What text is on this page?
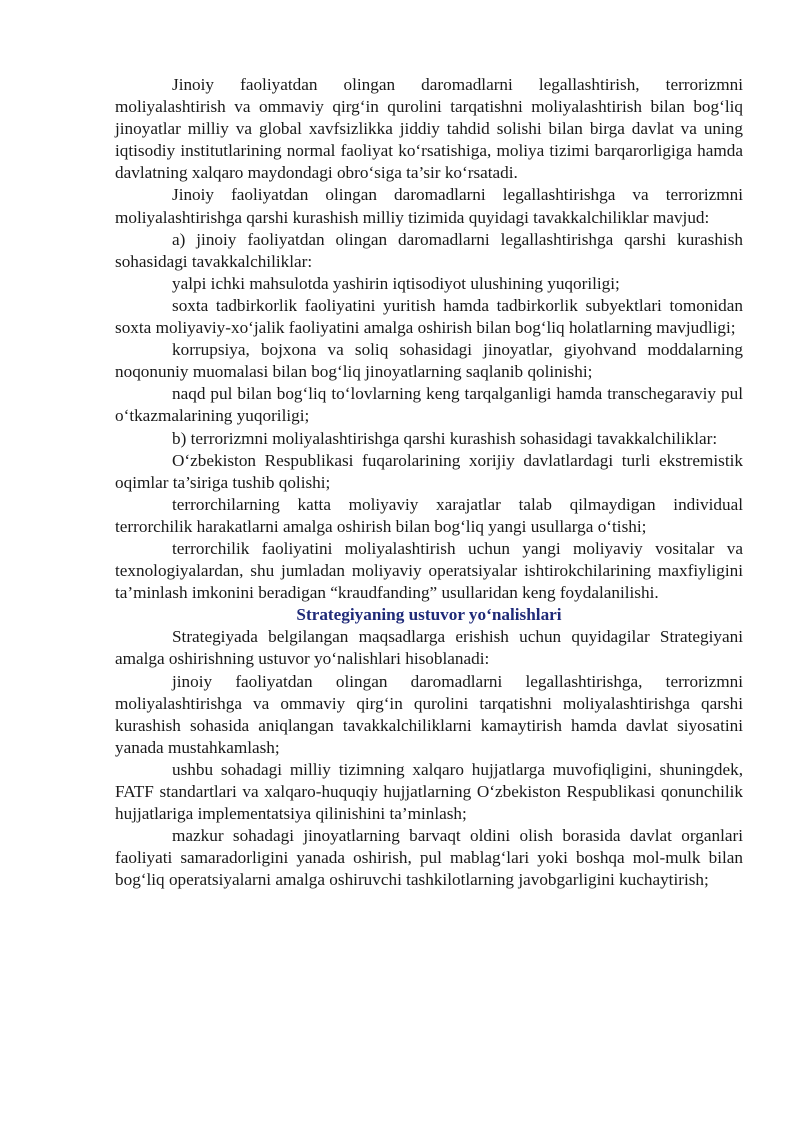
Jinoiy faoliyatdan olingan daromadlarni legallashtirish, terrorizmni moliyalashtirish va ommaviy qirg‘in qurolini tarqatishni moliyalashtirish bilan bog‘liq jinoyatlar milliy va global xavfsizlikka jiddiy tahdid solishi bilan birga davlat va uning iqtisodiy institutlarining normal faoliyat ko‘rsatishiga, moliya tizimi barqarorligiga hamda davlatning xalqaro maydondagi obro‘siga ta’sir ko‘rsatadi.

Jinoiy faoliyatdan olingan daromadlarni legallashtirishga va terrorizmni moliyalashtirishga qarshi kurashish milliy tizimida quyidagi tavakkalchiliklar mavjud:

a) jinoiy faoliyatdan olingan daromadlarni legallashtirishga qarshi kurashish sohasidagi tavakkalchiliklar:

yalpi ichki mahsulotda yashirin iqtisodiyot ulushining yuqoriligi;

soxta tadbirkorlik faoliyatini yuritish hamda tadbirkorlik subyektlari tomonidan soxta moliyaviy-xo‘jalik faoliyatini amalga oshirish bilan bog‘liq holatlarning mavjudligi;

korrupsiya, bojxona va soliq sohasidagi jinoyatlar, giyohvand moddalarning noqonuniy muomalasi bilan bog‘liq jinoyatlarning saqlanib qolinishi;

naqd pul bilan bog‘liq to‘lovlarning keng tarqalganligi hamda transchegaraviy pul o‘tkazmalarining yuqoriligi;

b) terrorizmni moliyalashtirishga qarshi kurashish sohasidagi tavakkalchiliklar:

O‘zbekiston Respublikasi fuqarolarining xorijiy davlatlardagi turli ekstremistik oqimlar ta’siriga tushib qolishi;

terrorchilarning katta moliyaviy xarajatlar talab qilmaydigan individual terrorchilik harakatlarni amalga oshirish bilan bog‘liq yangi usullarga o‘tishi;

terrorchilik faoliyatini moliyalashtirish uchun yangi moliyaviy vositalar va texnologiyalardan, shu jumladan moliyaviy operatsiyalar ishtirokchilarining maxfiyligini ta’minlash imkonini beradigan “kraudfanding” usullaridan keng foydalanilishi.

Strategiyaning ustuvor yo‘nalishlari

Strategiyada belgilangan maqsadlarga erishish uchun quyidagilar Strategiyani amalga oshirishning ustuvor yo‘nalishlari hisoblanadi:

jinoiy faoliyatdan olingan daromadlarni legallashtirishga, terrorizmni moliyalashtirishga va ommaviy qirg‘in qurolini tarqatishni moliyalashtirishga qarshi kurashish sohasida aniqlangan tavakkalchiliklarni kamaytirish hamda davlat siyosatini yanada mustahkamlash;

ushbu sohadagi milliy tizimning xalqaro hujjatlarga muvofiqligini, shuningdek, FATF standartlari va xalqaro-huquqiy hujjatlarning O‘zbekiston Respublikasi qonunchilik hujjatlariga implementatsiya qilinishini ta’minlash;

mazkur sohadagi jinoyatlarning barvaqt oldini olish borasida davlat organlari faoliyati samaradorligini yanada oshirish, pul mablag‘lari yoki boshqa mol-mulk bilan bog‘liq operatsiyalarni amalga oshiruvchi tashkilotlarning javobgarligini kuchaytirish;
